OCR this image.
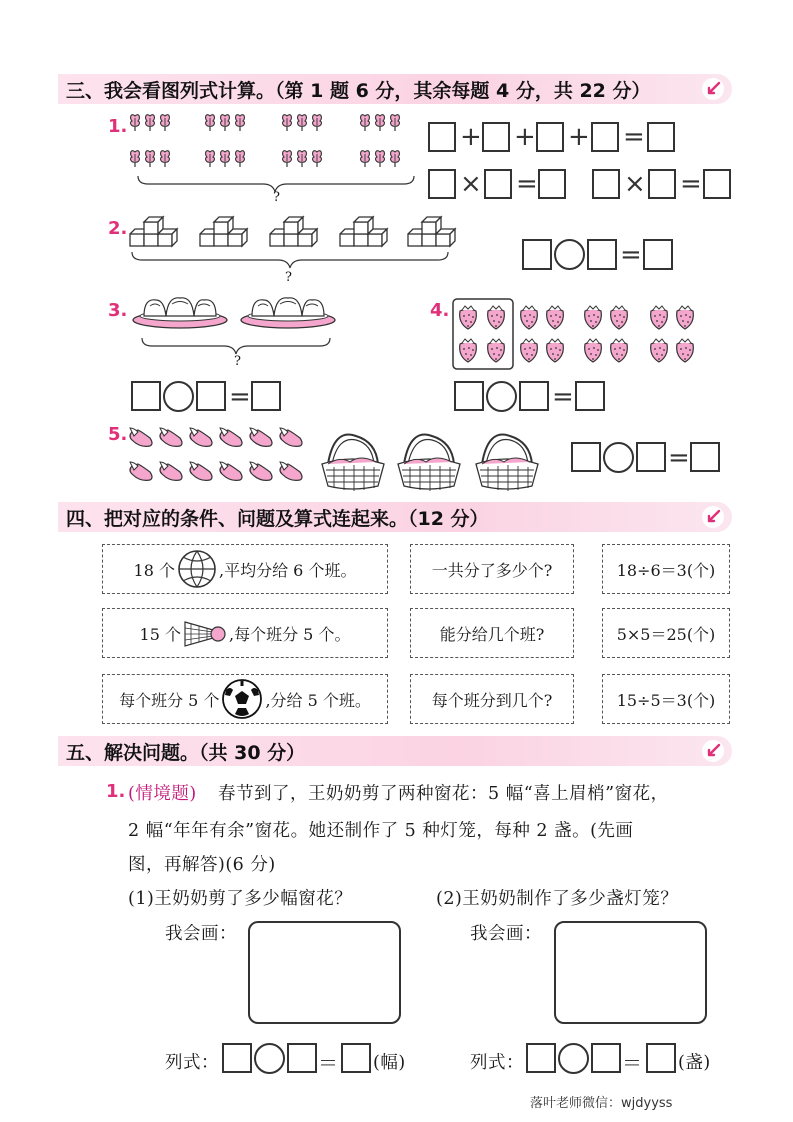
三、我会看图列式计算。（第 1 题 6 分，其余每题 4 分，共 22 分）
1.
?
+ + + =
× =	× =
2.
?
=
3.
?
=
4.
=
5.
=
四、把对应的条件、问题及算式连起来。（12 分）
18 个	,平均分给 6 个班。
15 个	,每个班分 5 个。
每个班分 5 个	,分给 5 个班。
一共分了多少个?
能分给几个班?
每个班分到几个?
18÷6＝3(个)
5×5＝25(个)
15÷5＝3(个)
五、解决问题。（共 30 分）
1. (情境题) 春节到了，王奶奶剪了两种窗花：5 幅“喜上眉梢”窗花，
2 幅“年年有余”窗花。她还制作了 5 种灯笼，每种 2 盏。(先画
图，再解答)(6 分)
(1)王奶奶剪了多少幅窗花？	(2)王奶奶制作了多少盏灯笼？
我会画：	我会画：
列式：	＝ (幅)	列式：	＝ (盏)
落叶老师微信：wjdyyss
